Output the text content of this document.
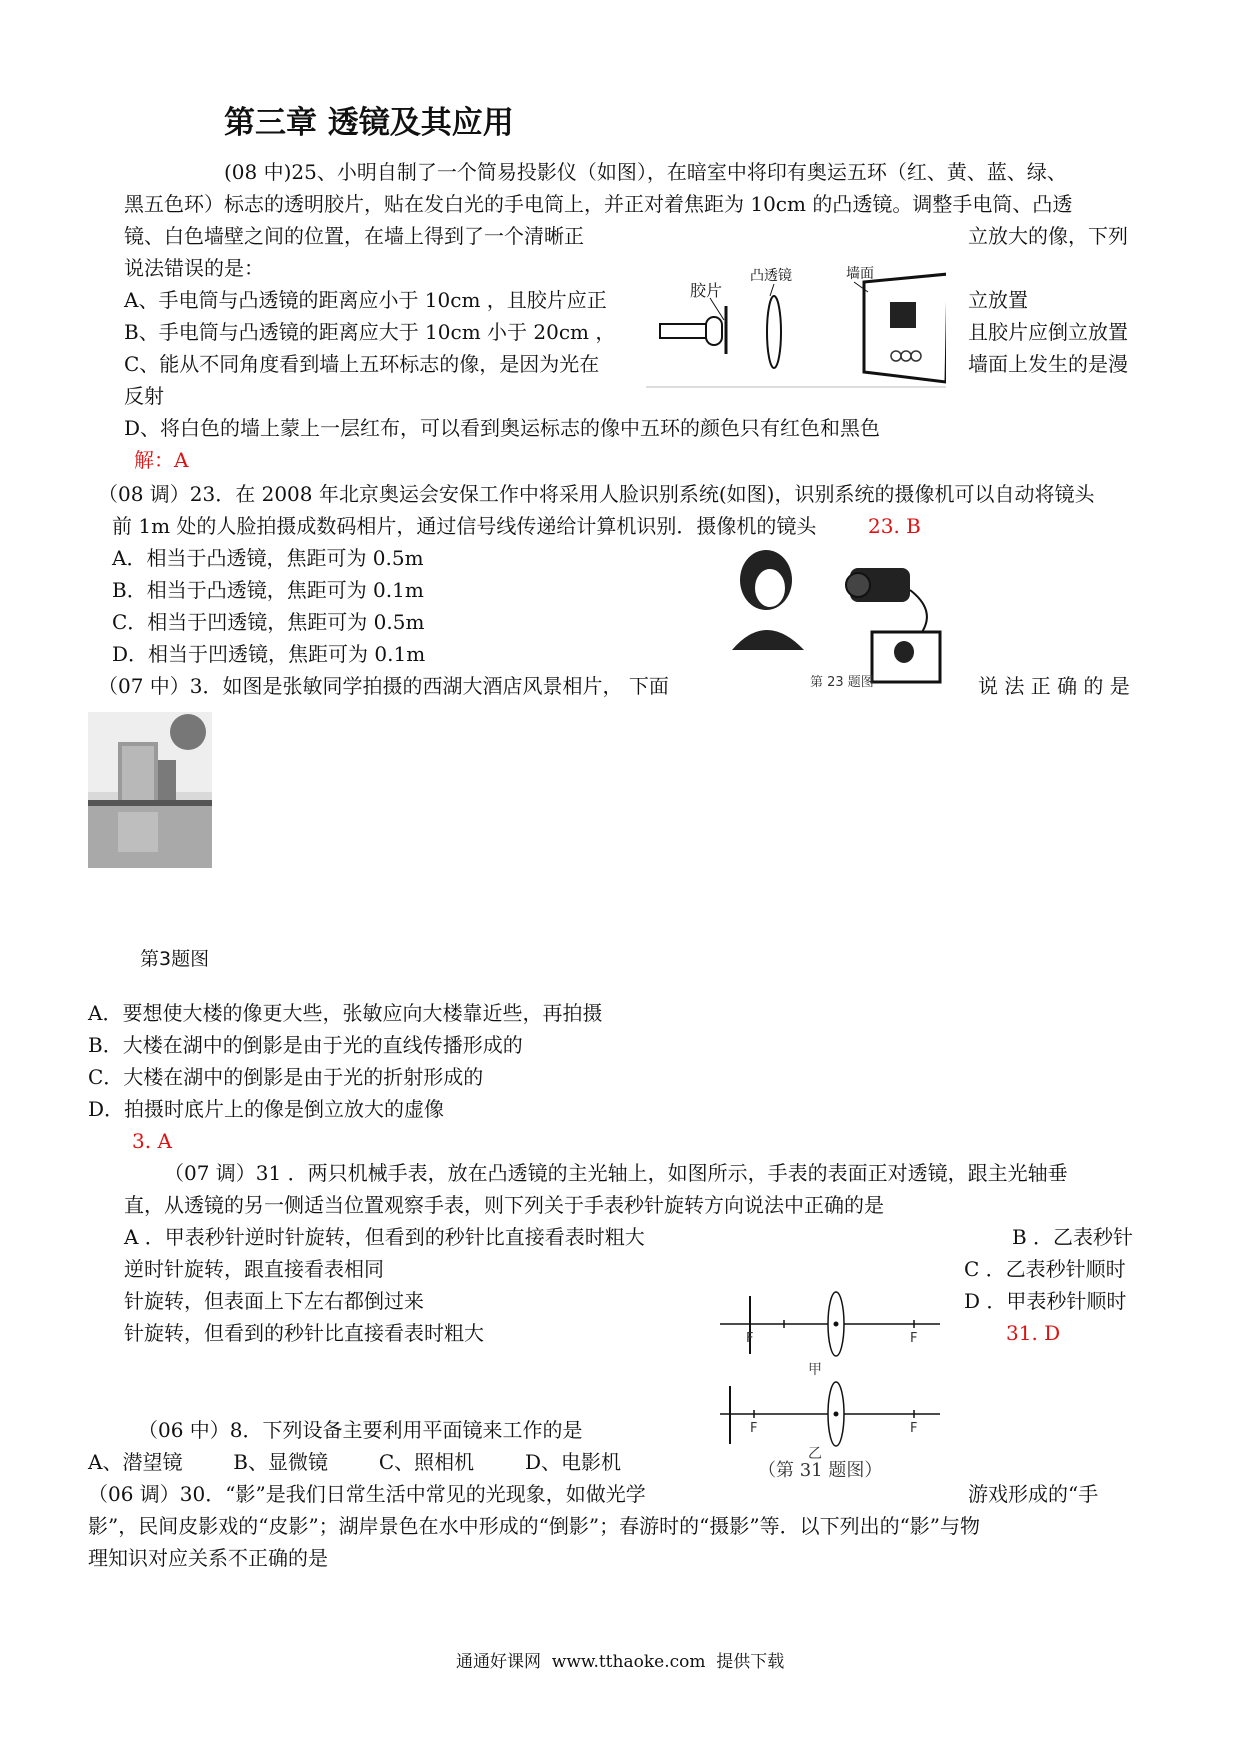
第三章 透镜及其应用
(08 中)25、小明自制了一个简易投影仪（如图），在暗室中将印有奥运五环（红、黄、蓝、绿、
黑五色环）标志的透明胶片，贴在发白光的手电筒上，并正对着焦距为 10cm 的凸透镜。调整手电筒、凸透
镜、白色墙壁之间的位置，在墙上得到了一个清晰正	立放大的像，下列
说法错误的是：
A、手电筒与凸透镜的距离应小于 10cm ，且胶片应正	立放置
B、手电筒与凸透镜的距离应大于 10cm 小于 20cm ，	且胶片应倒立放置
C、能从不同角度看到墙上五环标志的像，是因为光在	墙面上发生的是漫
反射
D、将白色的墙上蒙上一层红布，可以看到奥运标志的像中五环的颜色只有红色和黑色
解：A
胶片
凸透镜	墙面
（08 调）23．在 2008 年北京奥运会安保工作中将采用人脸识别系统(如图)，识别系统的摄像机可以自动将镜头
前 1m 处的人脸拍摄成数码相片，通过信号线传递给计算机识别．摄像机的镜头	23. B
A．相当于凸透镜，焦距可为 0.5m
B．相当于凸透镜，焦距可为 0.1m
C．相当于凹透镜，焦距可为 0.5m
D．相当于凹透镜，焦距可为 0.1m
第 23 题图
（07 中）3．如图是张敏同学拍摄的西湖大酒店风景相片， 下面	说 法 正 确 的 是
第3题图
A．要想使大楼的像更大些，张敏应向大楼靠近些，再拍摄
B．大楼在湖中的倒影是由于光的直线传播形成的
C．大楼在湖中的倒影是由于光的折射形成的
D．拍摄时底片上的像是倒立放大的虚像
3. A
（07 调）31 ．两只机械手表，放在凸透镜的主光轴上，如图所示，手表的表面正对透镜，跟主光轴垂
直，从透镜的另一侧适当位置观察手表，则下列关于手表秒针旋转方向说法中正确的是
A ．甲表秒针逆时针旋转，但看到的秒针比直接看表时粗大	B ．乙表秒针
逆时针旋转，跟直接看表相同	C ．乙表秒针顺时
针旋转，但表面上下左右都倒过来	D ．甲表秒针顺时
针旋转，但看到的秒针比直接看表时粗大	31. D
F	F
甲
F	F
乙
（第 31 题图）
（06 中）8．下列设备主要利用平面镜来工作的是
A、潜望镜        B、显微镜        C、照相机        D、电影机
（06 调）30．“影”是我们日常生活中常见的光现象，如做光学	游戏形成的“手
影”，民间皮影戏的“皮影”；湖岸景色在水中形成的“倒影”；春游时的“摄影”等．以下列出的“影”与物
理知识对应关系不正确的是
通通好课网  www.tthaoke.com  提供下载
